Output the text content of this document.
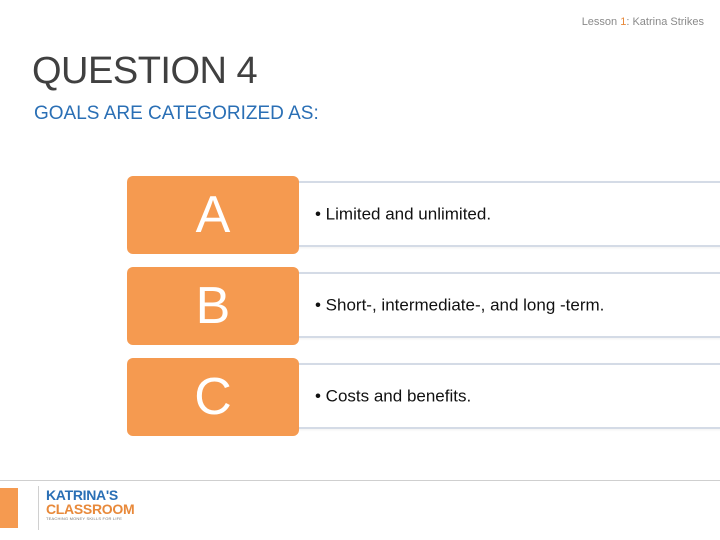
Lesson 1: Katrina Strikes
QUESTION 4
GOALS ARE CATEGORIZED AS:
A	• Limited and unlimited.
B	• Short-, intermediate-, and long -term.
C	• Costs and benefits.
KATRINA'S
CLASSROOM
TEACHING MONEY SKILLS FOR LIFE
